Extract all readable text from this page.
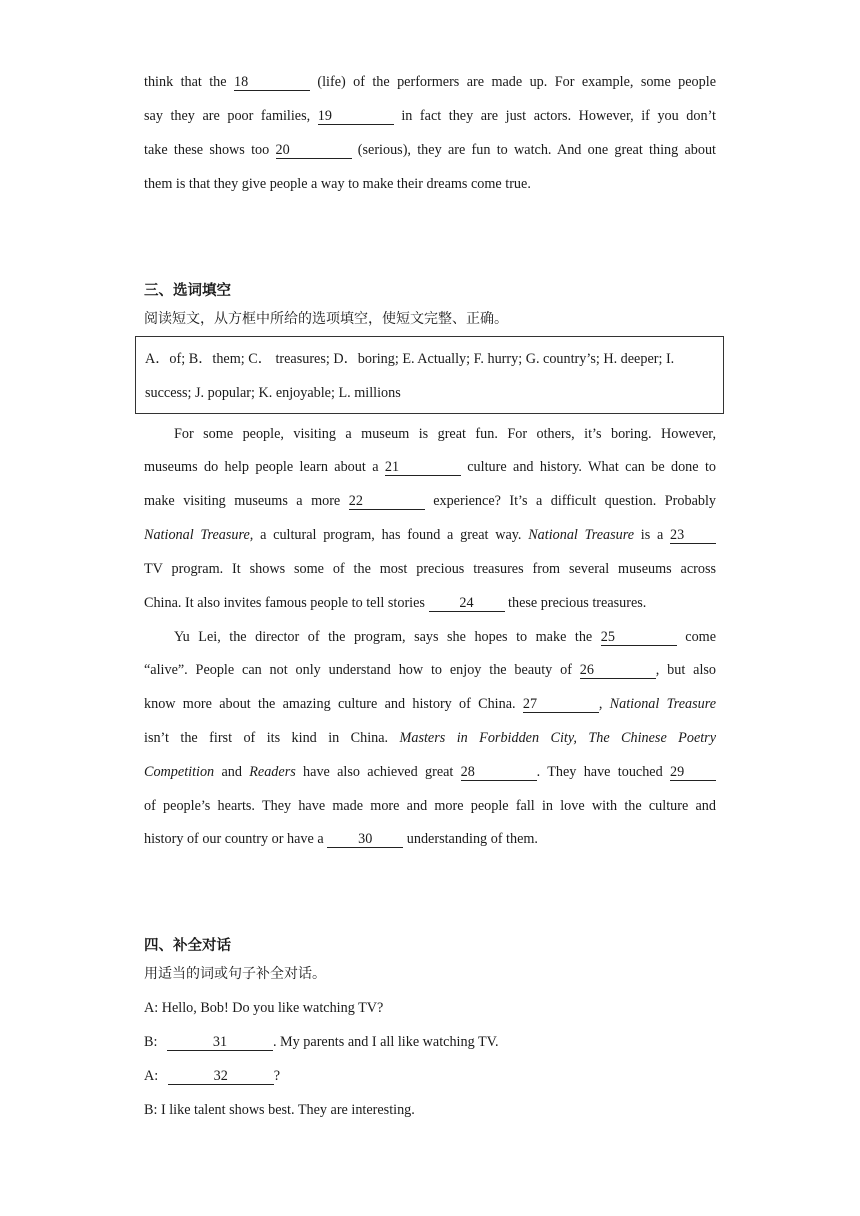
think that the 18	(life) of the performers are made up. For example, some people
say they are poor families, 19	in fact they are just actors. However, if you don’t
take these shows too 20	(serious), they are fun to watch. And one great thing about
them is that they give people a way to make their dreams come true.
三、选词填空
阅读短文，从方框中所给的选项填空，使短文完整、正确。
A．of; B．them; C． treasures; D．boring; E. Actually; F. hurry; G. country’s; H. deeper; I.
success; J. popular; K. enjoyable; L. millions
For some people, visiting a museum is great fun. For others, it’s boring. However,
museums do help people learn about a 21	culture and history. What can be done to
make visiting museums a more 22	experience? It’s a difficult question. Probably
National Treasure, a cultural program, has found a great way. National Treasure is a 23
TV program. It shows some of the most precious treasures from several museums across
China. It also invites famous people to tell stories 24 these precious treasures.
Yu Lei, the director of the program, says she hopes to make the 25	come
“alive”. People can not only understand how to enjoy the beauty of 26	, but also
know more about the amazing culture and history of China. 27	, National Treasure
isn’t the first of its kind in China. Masters in Forbidden City, The Chinese Poetry
Competition and Readers have also achieved great 28	. They have touched 29
of people’s hearts. They have made more and more people fall in love with the culture and
history of our country or have a 30 understanding of them.
四、补全对话
用适当的词或句子补全对话。
A: Hello, Bob! Do you like watching TV?
B:	31	. My parents and I all like watching TV.
A:	32	?
B: I like talent shows best. They are interesting.
